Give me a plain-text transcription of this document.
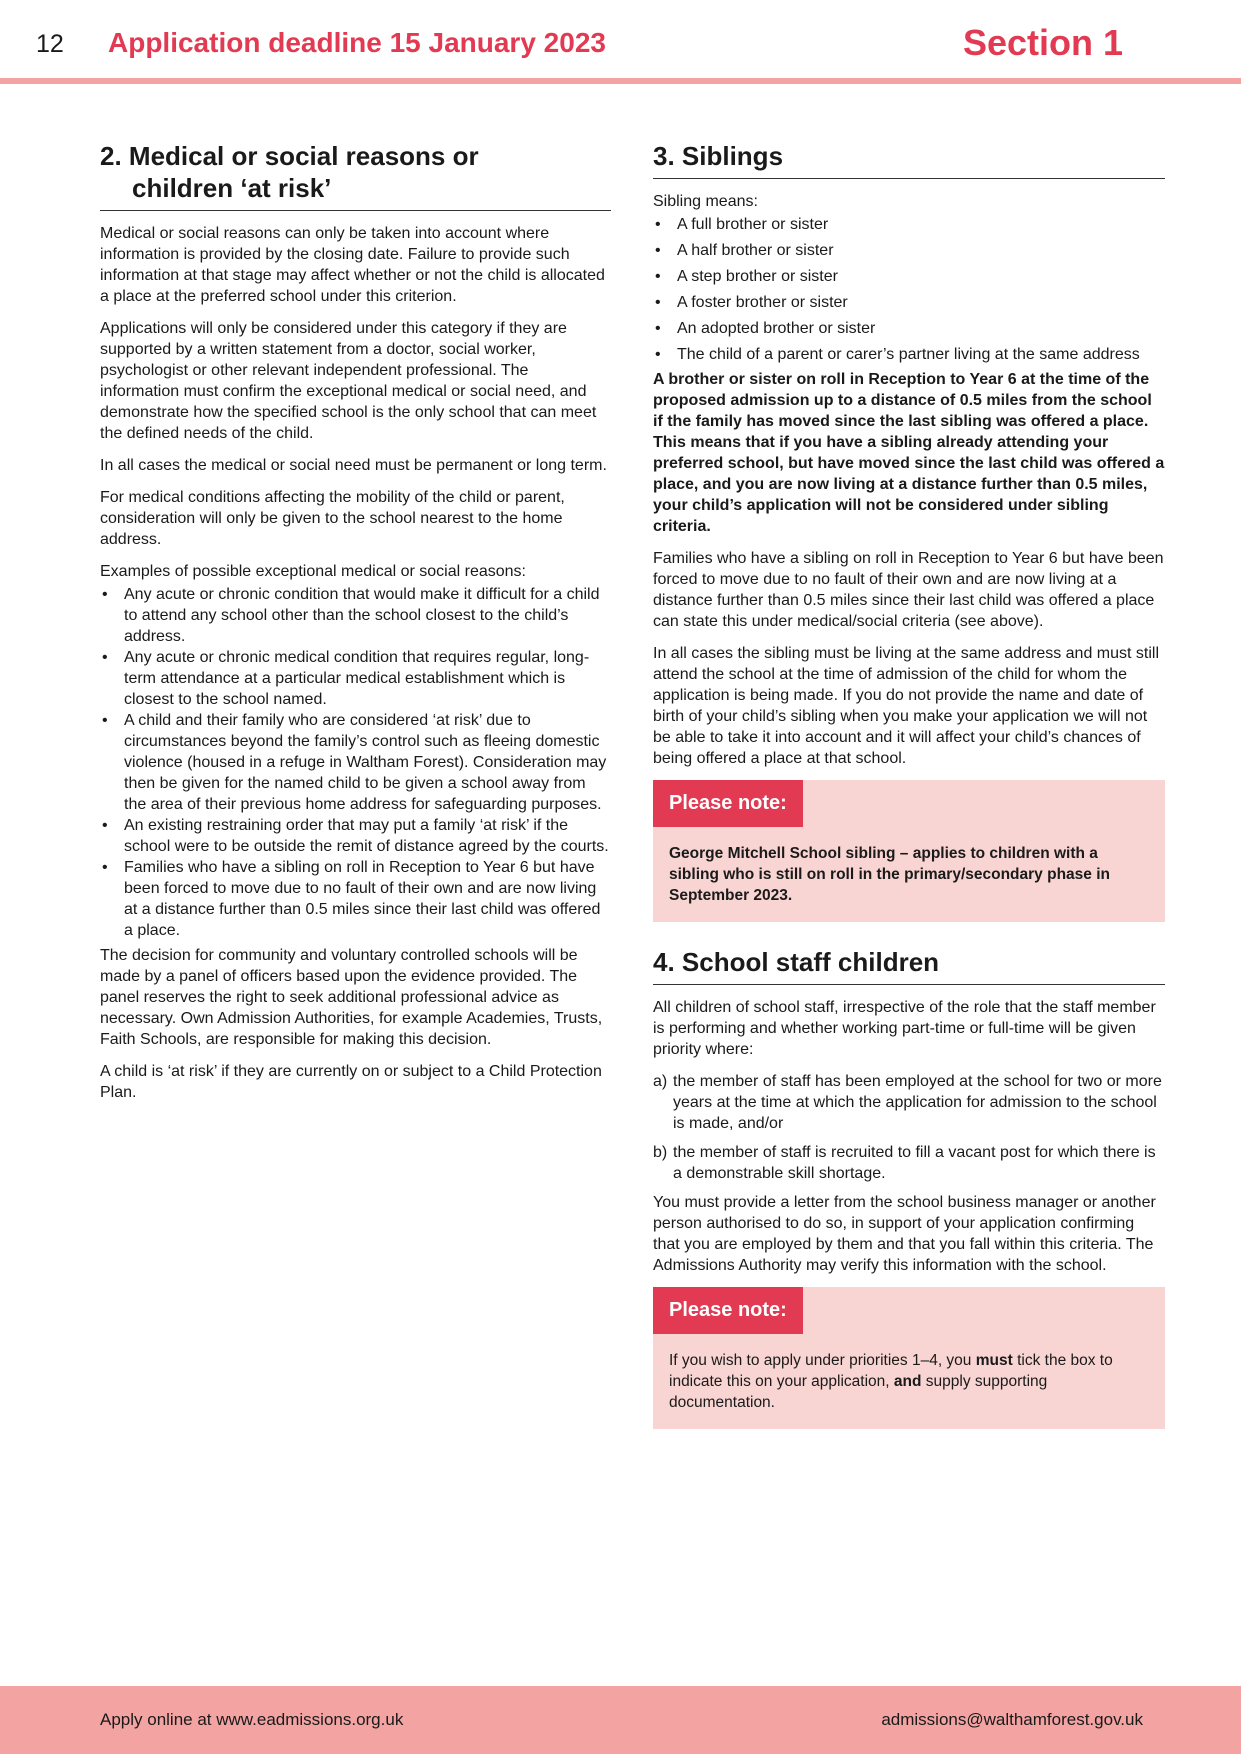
12 Application deadline 15 January 2023	Section 1
2. Medical or social reasons or
children ‘at risk’

Medical or social reasons can only be taken into account where information is provided by the closing date. Failure to provide such information at that stage may affect whether or not the child is allocated a place at the preferred school under this criterion.

Applications will only be considered under this category if they are supported by a written statement from a doctor, social worker, psychologist or other relevant independent professional. The information must confirm the exceptional medical or social need, and demonstrate how the specified school is the only school that can meet the defined needs of the child.

In all cases the medical or social need must be permanent or long term.

For medical conditions affecting the mobility of the child or parent, consideration will only be given to the school nearest to the home address.

Examples of possible exceptional medical or social reasons:

• Any acute or chronic condition that would make it difficult for a child to attend any school other than the school closest to the child’s address.
• Any acute or chronic medical condition that requires regular, long-term attendance at a particular medical establishment which is closest to the school named.
• A child and their family who are considered ‘at risk’ due to circumstances beyond the family’s control such as fleeing domestic violence (housed in a refuge in Waltham Forest). Consideration may then be given for the named child to be given a school away from the area of their previous home address for safeguarding purposes.
• An existing restraining order that may put a family ‘at risk’ if the school were to be outside the remit of distance agreed by the courts.
• Families who have a sibling on roll in Reception to Year 6 but have been forced to move due to no fault of their own and are now living at a distance further than 0.5 miles since their last child was offered a place.

The decision for community and voluntary controlled schools will be made by a panel of officers based upon the evidence provided. The panel reserves the right to seek additional professional advice as necessary. Own Admission Authorities, for example Academies, Trusts, Faith Schools, are responsible for making this decision.

A child is ‘at risk’ if they are currently on or subject to a Child Protection Plan.

3. Siblings

Sibling means:

• A full brother or sister
• A half brother or sister
• A step brother or sister
• A foster brother or sister
• An adopted brother or sister
• The child of a parent or carer’s partner living at the same address

A brother or sister on roll in Reception to Year 6 at the time of the proposed admission up to a distance of 0.5 miles from the school if the family has moved since the last sibling was offered a place. This means that if you have a sibling already attending your preferred school, but have moved since the last child was offered a place, and you are now living at a distance further than 0.5 miles, your child’s application will not be considered under sibling criteria.

Families who have a sibling on roll in Reception to Year 6 but have been forced to move due to no fault of their own and are now living at a distance further than 0.5 miles since their last child was offered a place can state this under medical/social criteria (see above).

In all cases the sibling must be living at the same address and must still attend the school at the time of admission of the child for whom the application is being made. If you do not provide the name and date of birth of your child’s sibling when you make your application we will not be able to take it into account and it will affect your child’s chances of being offered a place at that school.

Please note:

George Mitchell School sibling – applies to children with a sibling who is still on roll in the primary/secondary phase in September 2023.

4. School staff children

All children of school staff, irrespective of the role that the staff member is performing and whether working part-time or full-time will be given priority where:

a) the member of staff has been employed at the school for two or more years at the time at which the application for admission to the school is made, and/or
b) the member of staff is recruited to fill a vacant post for which there is a demonstrable skill shortage.

You must provide a letter from the school business manager or another person authorised to do so, in support of your application confirming that you are employed by them and that you fall within this criteria. The Admissions Authority may verify this information with the school.

Please note:

If you wish to apply under priorities 1–4, you must tick the box to indicate this on your application, and supply supporting documentation.

Apply online at www.eadmissions.org.uk	admissions@walthamforest.gov.uk
